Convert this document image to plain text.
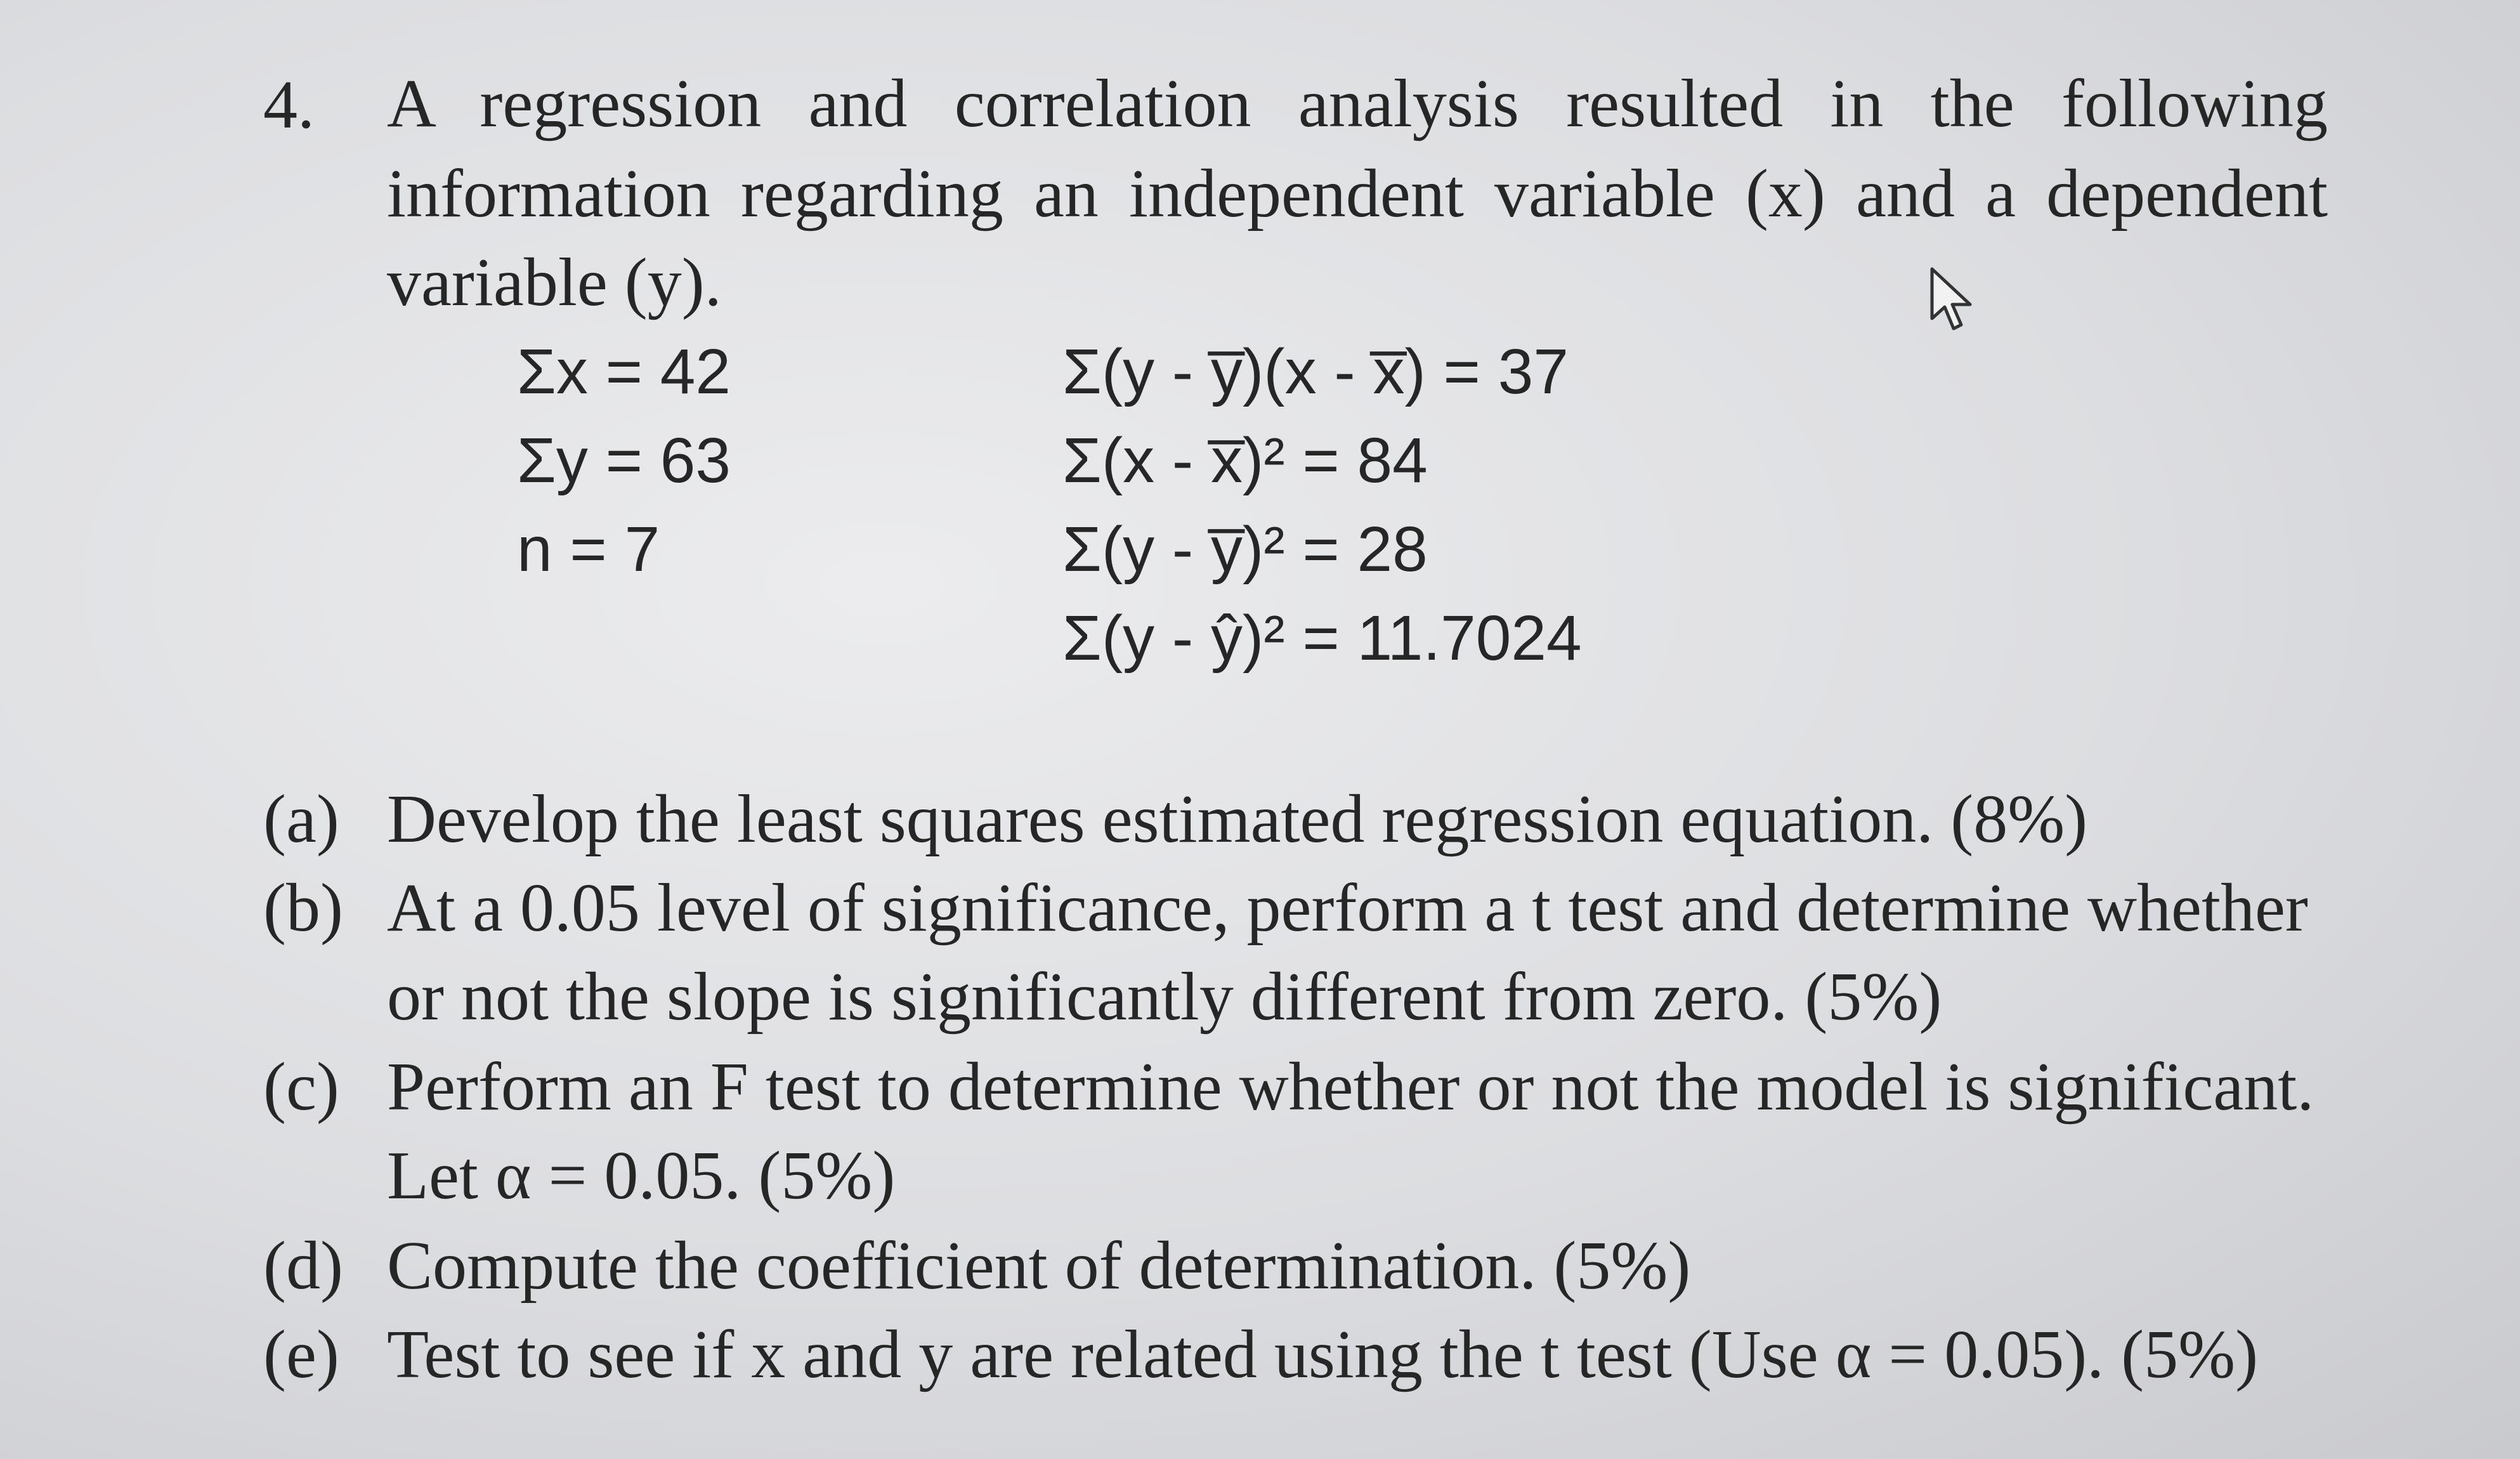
4. A regression and correlation analysis resulted in the following
information regarding an independent variable (x) and a dependent
variable (y).
Σx = 42
Σy = 63
n = 7
Σ(y - y̅)(x - x̅) = 37
Σ(x - x̅)² = 84
Σ(y - y̅)² = 28
Σ(y - ŷ)² = 11.7024
(a) Develop the least squares estimated regression equation. (8%)
(b) At a 0.05 level of significance, perform a t test and determine whether
or not the slope is significantly different from zero. (5%)
(c) Perform an F test to determine whether or not the model is significant.
Let α = 0.05. (5%)
(d) Compute the coefficient of determination. (5%)
(e) Test to see if x and y are related using the t test (Use α = 0.05). (5%)
